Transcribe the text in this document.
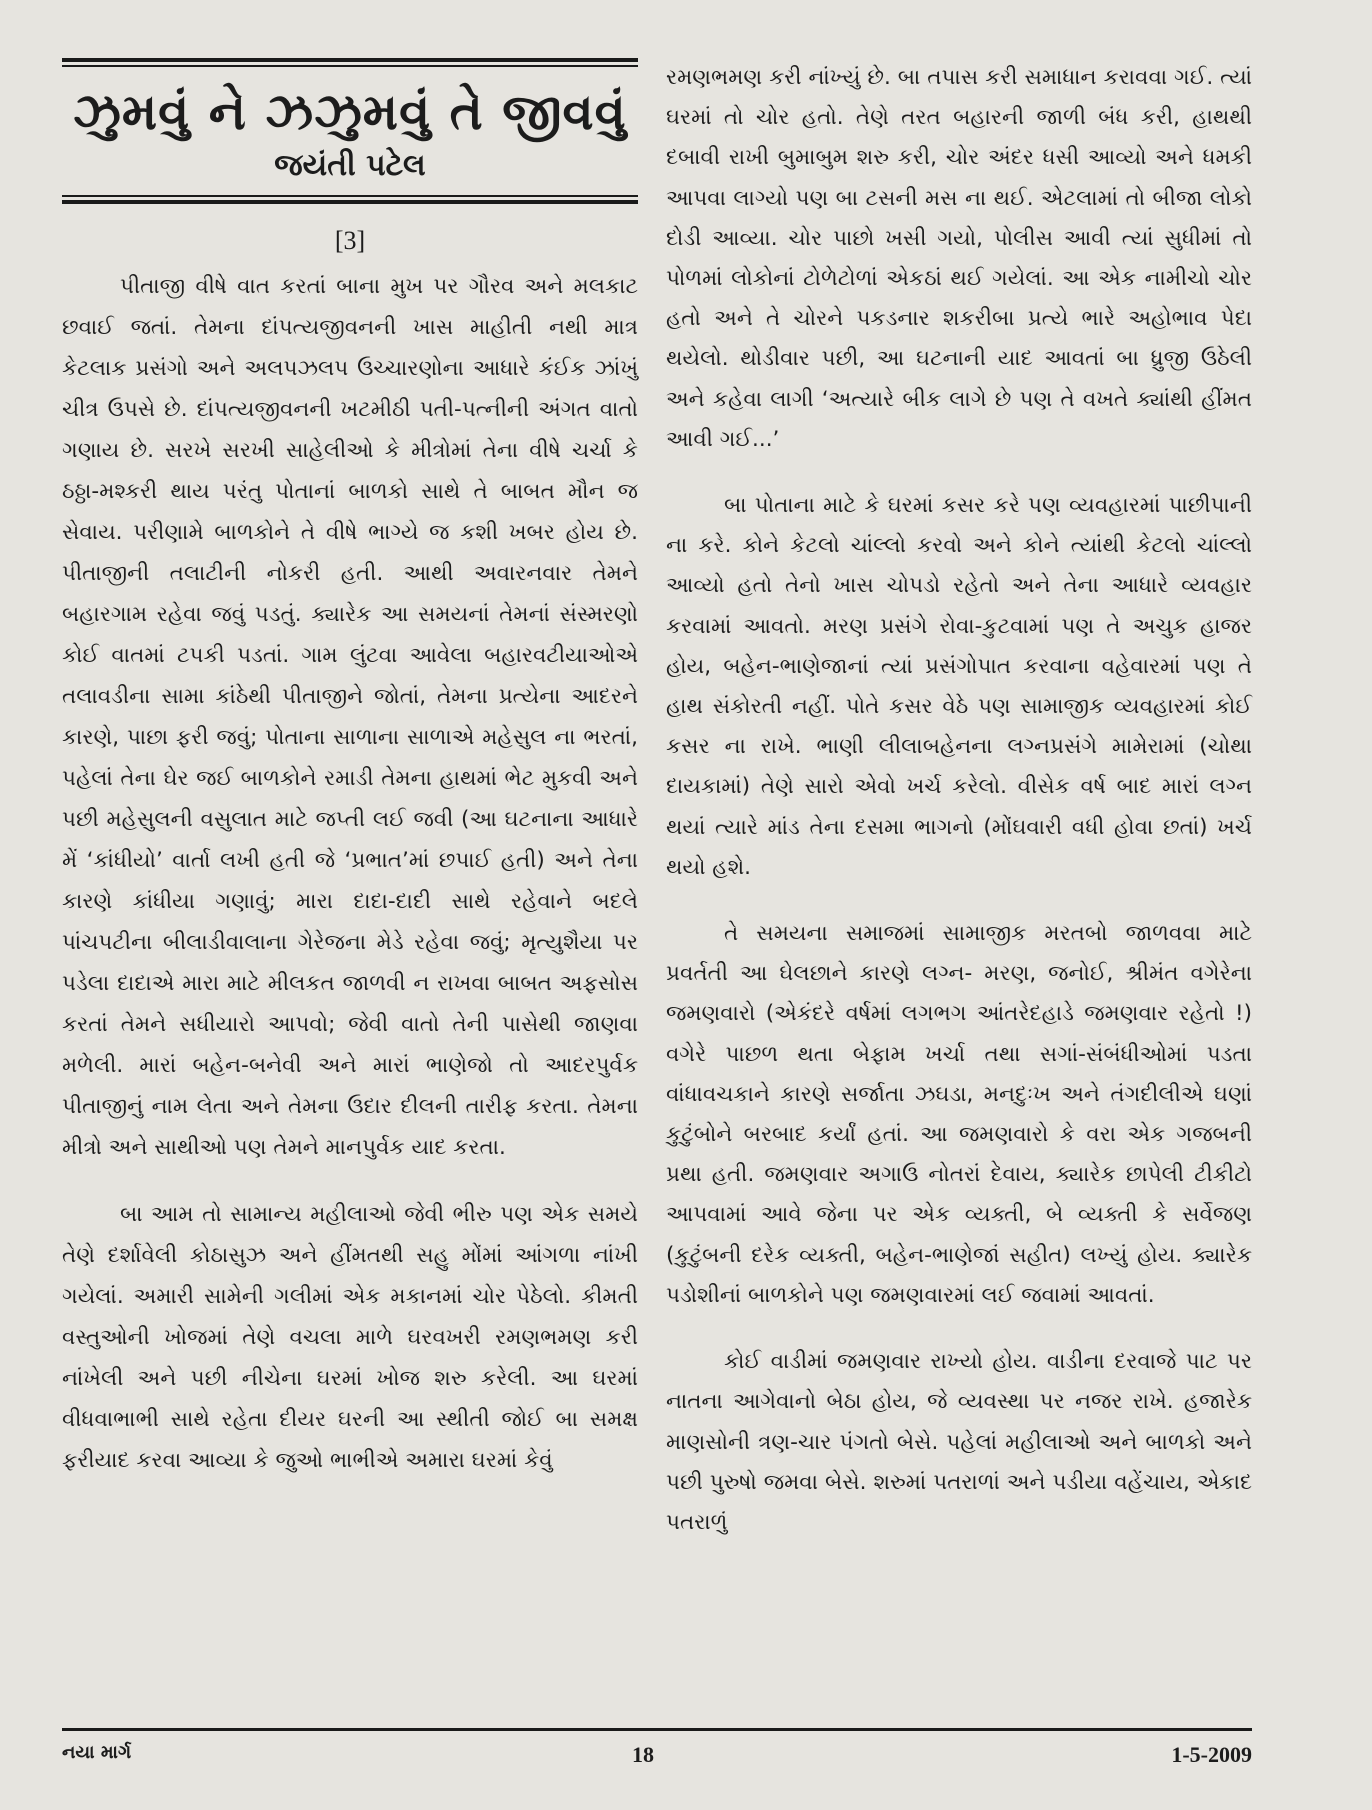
ઝુમવું ને ઝઝુમવું તે જીવવું
જયંતી પટેલ
[3]

પીતાજી વીષે વાત કરતાં બાના મુખ પર ગૌરવ અને મલકાટ છવાઈ જતાં. તેમના દાંપત્યજીવનની ખાસ માહીતી નથી માત્ર કેટલાક પ્રસંગો અને અલપઝલપ ઉચ્ચારણોના આધારે કંઈક ઝાંખું ચીત્ર ઉપસે છે. દાંપત્યજીવનની ખટમીઠી પતી-પત્નીની અંગત વાતો ગણાય છે. સરખે સરખી સાહેલીઓ કે મીત્રોમાં તેના વીષે ચર્ચા કે ઠઠ્ઠા-મશ્કરી થાય પરંતુ પોતાનાં બાળકો સાથે તે બાબત મૌન જ સેવાય. પરીણામે બાળકોને તે વીષે ભાગ્યે જ કશી ખબર હોય છે. પીતાજીની તલાટીની નોકરી હતી. આથી અવારનવાર તેમને બહારગામ રહેવા જવું પડતું. ક્યારેક આ સમયનાં તેમનાં સંસ્મરણો કોઈ વાતમાં ટપકી પડતાં. ગામ લુંટવા આવેલા બહારવટીયાઓએ તલાવડીના સામા કાંઠેથી પીતાજીને જોતાં, તેમના પ્રત્યેના આદરને કારણે, પાછા ફરી જવું; પોતાના સાળાના સાળાએ મહેસુલ ના ભરતાં, પહેલાં તેના ઘેર જઈ બાળકોને રમાડી તેમના હાથમાં ભેટ મુકવી અને પછી મહેસુલની વસુલાત માટે જપ્તી લઈ જવી (આ ઘટનાના આધારે મેં ‘કાંધીયો’ વાર્તા લખી હતી જે ‘પ્રભાત’માં છપાઈ હતી) અને તેના કારણે કાંધીયા ગણાવું; મારા દાદા-દાદી સાથે રહેવાને બદલે પાંચપટીના બીલાડીવાલાના ગેરેજના મેડે રહેવા જવું; મૃત્યુશૈયા પર પડેલા દાદાએ મારા માટે મીલકત જાળવી ન રાખવા બાબત અફસોસ કરતાં તેમને સધીયારો આપવો; જેવી વાતો તેની પાસેથી જાણવા મળેલી. મારાં બહેન-બનેવી અને મારાં ભાણેજો તો આદરપુર્વક પીતાજીનું નામ લેતા અને તેમના ઉદાર દીલની તારીફ કરતા. તેમના મીત્રો અને સાથીઓ પણ તેમને માનપુર્વક યાદ કરતા.

બા આમ તો સામાન્ય મહીલાઓ જેવી ભીરુ પણ એક સમયે તેણે દર્શાવેલી કોઠાસુઝ અને હીંમતથી સહુ મોંમાં આંગળા નાંખી ગયેલાં. અમારી સામેની ગલીમાં એક મકાનમાં ચોર પેઠેલો. કીમતી વસ્તુઓની ખોજમાં તેણે વચલા માળે ઘરવખરી રમણભમણ કરી નાંખેલી અને પછી નીચેના ઘરમાં ખોજ શરુ કરેલી. આ ઘરમાં વીધવાભાભી સાથે રહેતા દીયર ઘરની આ સ્થીતી જોઈ બા સમક્ષ ફરીયાદ કરવા આવ્યા કે જુઓ ભાભીએ અમારા ઘરમાં કેવું

રમણભમણ કરી નાંખ્યું છે. બા તપાસ કરી સમાધાન કરાવવા ગઈ. ત્યાં ઘરમાં તો ચોર હતો. તેણે તરત બહારની જાળી બંધ કરી, હાથથી દબાવી રાખી બુમાબુમ શરુ કરી, ચોર અંદર ધસી આવ્યો અને ધમકી આપવા લાગ્યો પણ બા ટસની મસ ના થઈ. એટલામાં તો બીજા લોકો દોડી આવ્યા. ચોર પાછો ખસી ગયો, પોલીસ આવી ત્યાં સુધીમાં તો પોળમાં લોકોનાં ટોળેટોળાં એકઠાં થઈ ગયેલાં. આ એક નામીચો ચોર હતો અને તે ચોરને પકડનાર શકરીબા પ્રત્યે ભારે અહોભાવ પેદા થયેલો. થોડીવાર પછી, આ ઘટનાની યાદ આવતાં બા ધ્રુજી ઉઠેલી અને કહેવા લાગી ‘અત્યારે બીક લાગે છે પણ તે વખતે ક્યાંથી હીંમત આવી ગઈ...’

બા પોતાના માટે કે ઘરમાં કસર કરે પણ વ્યવહારમાં પાછીપાની ના કરે. કોને કેટલો ચાંલ્લો કરવો અને કોને ત્યાંથી કેટલો ચાંલ્લો આવ્યો હતો તેનો ખાસ ચોપડો રહેતો અને તેના આધારે વ્યવહાર કરવામાં આવતો. મરણ પ્રસંગે રોવા-કુટવામાં પણ તે અચુક હાજર હોય, બહેન-ભાણેજાનાં ત્યાં પ્રસંગોપાત કરવાના વહેવારમાં પણ તે હાથ સંકોરતી નહીં. પોતે કસર વેઠે પણ સામાજીક વ્યવહારમાં કોઈ કસર ના રાખે. ભાણી લીલાબહેનના લગ્નપ્રસંગે મામેરામાં (ચોથા દાયકામાં) તેણે સારો એવો ખર્ચ કરેલો. વીસેક વર્ષ બાદ મારાં લગ્ન થયાં ત્યારે માંડ તેના દસમા ભાગનો (મોંઘવારી વધી હોવા છતાં) ખર્ચ થયો હશે.

તે સમયના સમાજમાં સામાજીક મરતબો જાળવવા માટે પ્રવર્તતી આ ઘેલછાને કારણે લગ્ન- મરણ, જનોઈ, શ્રીમંત વગેરેના જમણવારો (એકંદરે વર્ષમાં લગભગ આંતરેદહાડે જમણવાર રહેતો !) વગેરે પાછળ થતા બેફામ ખર્ચા તથા સગાં-સંબંધીઓમાં પડતા વાંધાવચકાને કારણે સર્જાતા ઝઘડા, મનદુઃખ અને તંગદીલીએ ઘણાં કુટુંબોને બરબાદ કર્યાં હતાં. આ જમણવારો કે વરા એક ગજબની પ્રથા હતી. જમણવાર અગાઉ નોતરાં દેવાય, ક્યારેક છાપેલી ટીકીટો આપવામાં આવે જેના પર એક વ્યક્તી, બે વ્યક્તી કે સર્વેજણ (કુટુંબની દરેક વ્યક્તી, બહેન-ભાણેજાં સહીત) લખ્યું હોય. ક્યારેક પડોશીનાં બાળકોને પણ જમણવારમાં લઈ જવામાં આવતાં.

કોઈ વાડીમાં જમણવાર રાખ્યો હોય. વાડીના દરવાજે પાટ પર નાતના આગેવાનો બેઠા હોય, જે વ્યવસ્થા પર નજર રાખે. હજારેક માણસોની ત્રણ-ચાર પંગતો બેસે. પહેલાં મહીલાઓ અને બાળકો અને પછી પુરુષો જમવા બેસે. શરુમાં પતરાળાં અને પડીયા વહેંચાય, એકાદ પતરાળું

નયા માર્ગ	18	1-5-2009
